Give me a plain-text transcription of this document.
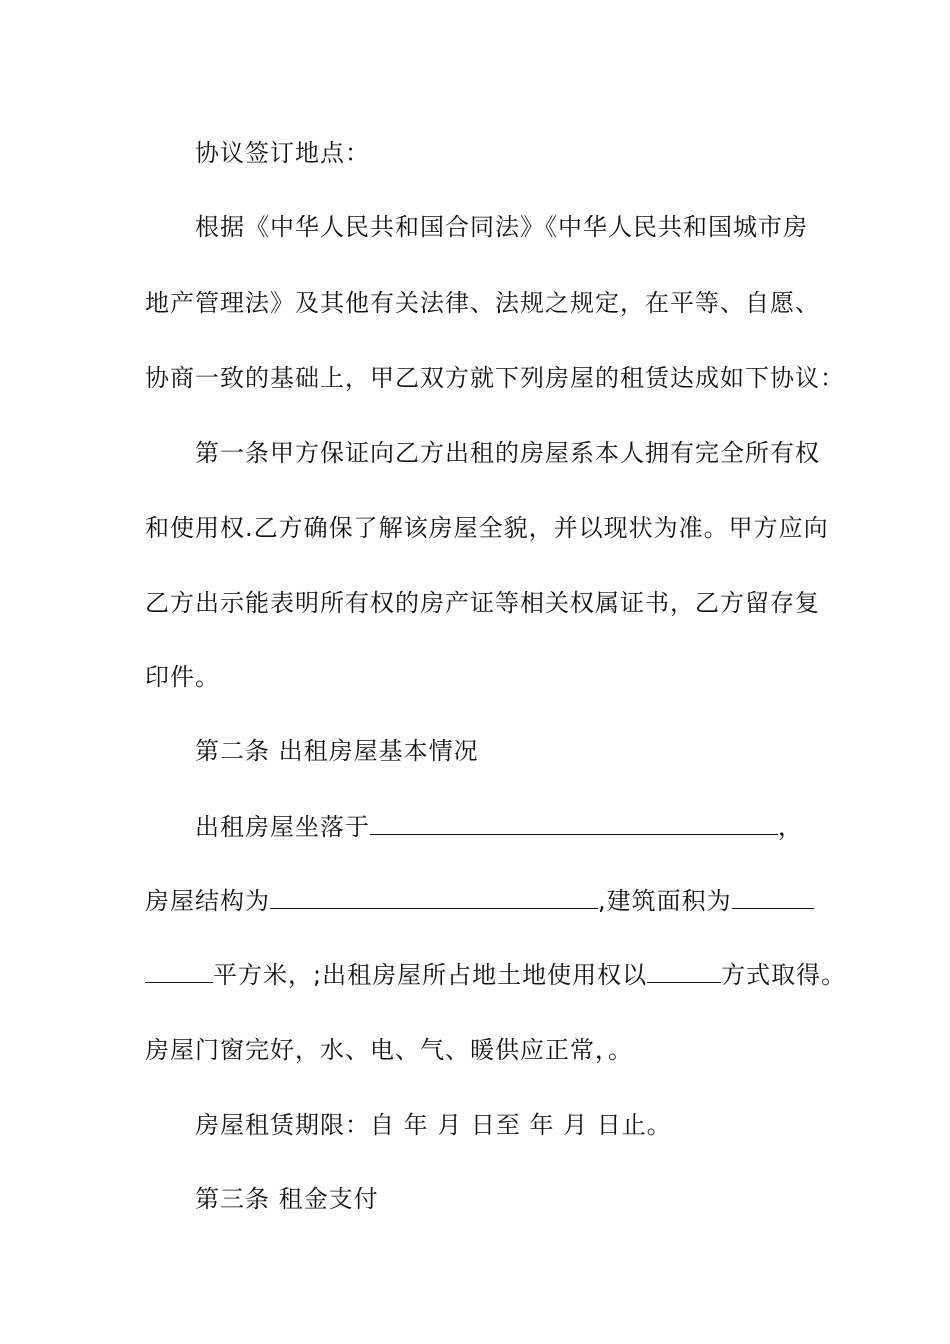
协议签订地点：
根据《中华人民共和国合同法》《中华人民共和国城市房
地产管理法》及其他有关法律、法规之规定，在平等、自愿、
协商一致的基础上，甲乙双方就下列房屋的租赁达成如下协议：
第一条甲方保证向乙方出租的房屋系本人拥有完全所有权
和使用权.乙方确保了解该房屋全貌，并以现状为准。甲方应向
乙方出示能表明所有权的房产证等相关权属证书，乙方留存复
印件。
第二条 出租房屋基本情况
出租房屋坐落于	，
房屋结构为	,建筑面积为
平方米，;出租房屋所占地土地使用权以	方式取得。
房屋门窗完好，水、电、气、暖供应正常，。
房屋租赁期限：自 年 月 日至 年 月 日止。
第三条 租金支付
